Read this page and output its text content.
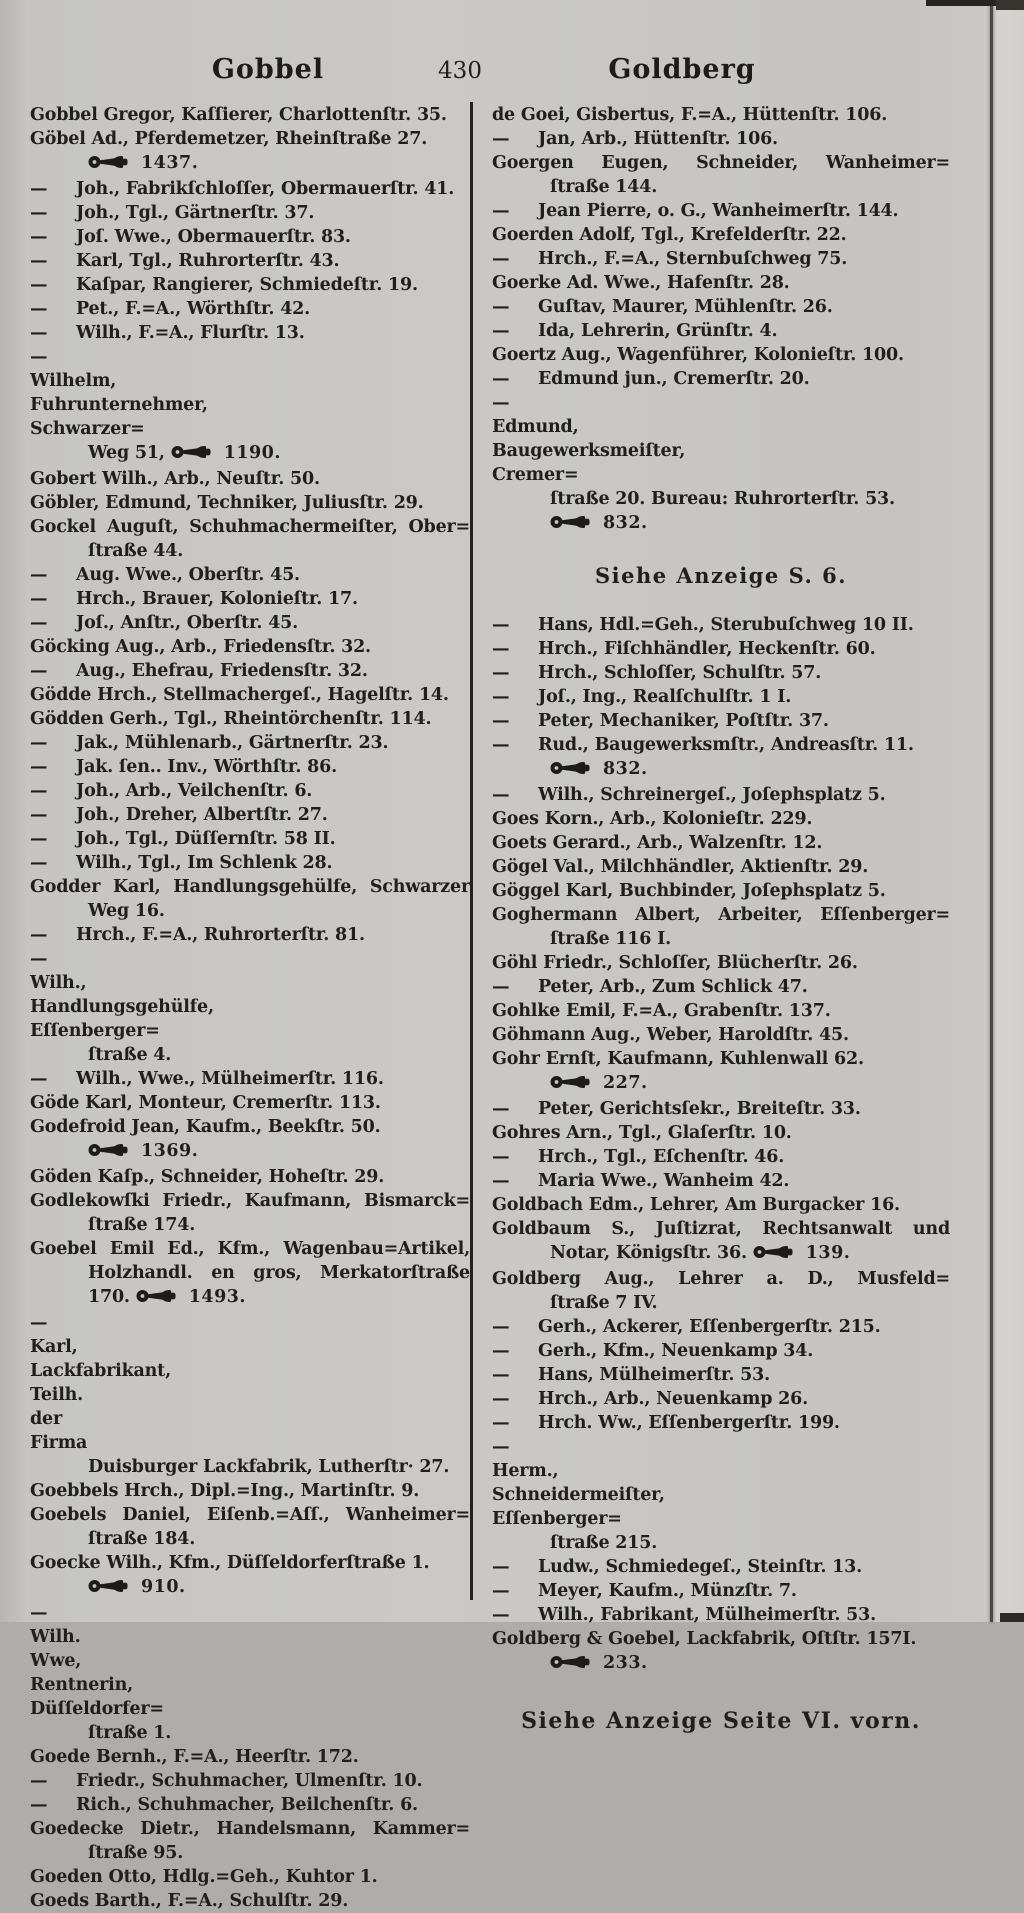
Gobbel	430	Goldberg
Gobbel Gregor, Kaſſierer, Charlottenſtr. 35.
Göbel Ad., Pferdemetzer, Rheinſtraße 27.
1437.
— Joh., Fabrikſchloſſer, Obermauerſtr. 41.
— Joh., Tgl., Gärtnerſtr. 37.
— Joſ. Wwe., Obermauerſtr. 83.
— Karl, Tgl., Ruhrorterſtr. 43.
— Kaſpar, Rangierer, Schmiedeſtr. 19.
— Pet., F.=A., Wörthſtr. 42.
— Wilh., F.=A., Flurſtr. 13.
—Wilhelm, Fuhrunternehmer, Schwarzer=
Weg 51,	1190.
Gobert Wilh., Arb., Neuſtr. 50.
Göbler, Edmund, Techniker, Juliusſtr. 29.
Gockel Auguſt, Schuhmachermeiſter, Ober=
ſtraße 44.
— Aug. Wwe., Oberſtr. 45.
— Hrch., Brauer, Kolonieſtr. 17.
— Joſ., Anſtr., Oberſtr. 45.
Göcking Aug., Arb., Friedensſtr. 32.
— Aug., Ehefrau, Friedensſtr. 32.
Gödde Hrch., Stellmachergeſ., Hagelſtr. 14.
Gödden Gerh., Tgl., Rheintörchenſtr. 114.
— Jak., Mühlenarb., Gärtnerſtr. 23.
— Jak. ſen.. Inv., Wörthſtr. 86.
— Joh., Arb., Veilchenſtr. 6.
— Joh., Dreher, Albertſtr. 27.
— Joh., Tgl., Düſſernſtr. 58 II.
— Wilh., Tgl., Im Schlenk 28.
Godder Karl, Handlungsgehülfe, Schwarzer
Weg 16.
— Hrch., F.=A., Ruhrorterſtr. 81.
—Wilh., Handlungsgehülfe, Eſſenberger=
ſtraße 4.
— Wilh., Wwe., Mülheimerſtr. 116.
Göde Karl, Monteur, Cremerſtr. 113.
Godefroid Jean, Kaufm., Beekſtr. 50.
1369.
Göden Kaſp., Schneider, Hoheſtr. 29.
Godlekowſki Friedr., Kaufmann, Bismarck=
ſtraße 174.
Goebel Emil Ed., Kfm., Wagenbau=Artikel,
Holzhandl. en gros, Merkatorſtraße
170.	1493.
—Karl, Lackfabrikant, Teilh. der Firma
Duisburger Lackfabrik, Lutherſtr· 27.
Goebbels Hrch., Dipl.=Ing., Martinſtr. 9.
Goebels Daniel, Eiſenb.=Aſſ., Wanheimer=
ſtraße 184.
Goecke Wilh., Kfm., Düſſeldorferſtraße 1.
910.
—Wilh. Wwe, Rentnerin, Düſſeldorfer=
ſtraße 1.
Goede Bernh., F.=A., Heerſtr. 172.
— Friedr., Schuhmacher, Ulmenſtr. 10.
— Rich., Schuhmacher, Beilchenſtr. 6.
Goedecke Dietr., Handelsmann, Kammer=
ſtraße 95.
Goeden Otto, Hdlg.=Geh., Kuhtor 1.
Goeds Barth., F.=A., Schulſtr. 29.
de Goei, Gisbertus, F.=A., Hüttenſtr. 106.
— Jan, Arb., Hüttenſtr. 106.
Goergen Eugen, Schneider, Wanheimer=
ſtraße 144.
— Jean Pierre, o. G., Wanheimerſtr. 144.
Goerden Adolf, Tgl., Krefelderſtr. 22.
— Hrch., F.=A., Sternbuſchweg 75.
Goerke Ad. Wwe., Hafenſtr. 28.
— Guſtav, Maurer, Mühlenſtr. 26.
— Ida, Lehrerin, Grünſtr. 4.
Goertz Aug., Wagenführer, Kolonieſtr. 100.
— Edmund jun., Cremerſtr. 20.
—Edmund, Baugewerksmeiſter, Cremer=
ſtraße 20. Bureau: Ruhrorterſtr. 53.
832.
Siehe Anzeige S. 6.
— Hans, Hdl.=Geh., Sterubuſchweg 10 II.
— Hrch., Fiſchhändler, Heckenſtr. 60.
— Hrch., Schloſſer, Schulſtr. 57.
— Joſ., Ing., Realſchulſtr. 1 I.
— Peter, Mechaniker, Poſtſtr. 37.
— Rud., Baugewerksmſtr., Andreasſtr. 11.
832.
— Wilh., Schreinergeſ., Joſephsplatz 5.
Goes Korn., Arb., Kolonieſtr. 229.
Goets Gerard., Arb., Walzenſtr. 12.
Gögel Val., Milchhändler, Aktienſtr. 29.
Göggel Karl, Buchbinder, Joſephsplatz 5.
Goghermann Albert, Arbeiter, Eſſenberger=
ſtraße 116 I.
Göhl Friedr., Schloſſer, Blücherſtr. 26.
— Peter, Arb., Zum Schlick 47.
Gohlke Emil, F.=A., Grabenſtr. 137.
Göhmann Aug., Weber, Haroldſtr. 45.
Gohr Ernſt, Kaufmann, Kuhlenwall 62.
227.
— Peter, Gerichtsſekr., Breiteſtr. 33.
Gohres Arn., Tgl., Glaſerſtr. 10.
— Hrch., Tgl., Eſchenſtr. 46.
— Maria Wwe., Wanheim 42.
Goldbach Edm., Lehrer, Am Burgacker 16.
Goldbaum S., Juſtizrat, Rechtsanwalt und
Notar, Königsſtr. 36.	139.
Goldberg Aug., Lehrer a. D., Musfeld=
ſtraße 7 IV.
— Gerh., Ackerer, Eſſenbergerſtr. 215.
— Gerh., Kfm., Neuenkamp 34.
— Hans, Mülheimerſtr. 53.
— Hrch., Arb., Neuenkamp 26.
— Hrch. Ww., Eſſenbergerſtr. 199.
—Herm., Schneidermeiſter, Eſſenberger=
ſtraße 215.
— Ludw., Schmiedegeſ., Steinſtr. 13.
— Meyer, Kaufm., Münzſtr. 7.
— Wilh., Fabrikant, Mülheimerſtr. 53.
Goldberg & Goebel, Lackfabrik, Oſtſtr. 157I.
233.
Siehe Anzeige Seite VI. vorn.
